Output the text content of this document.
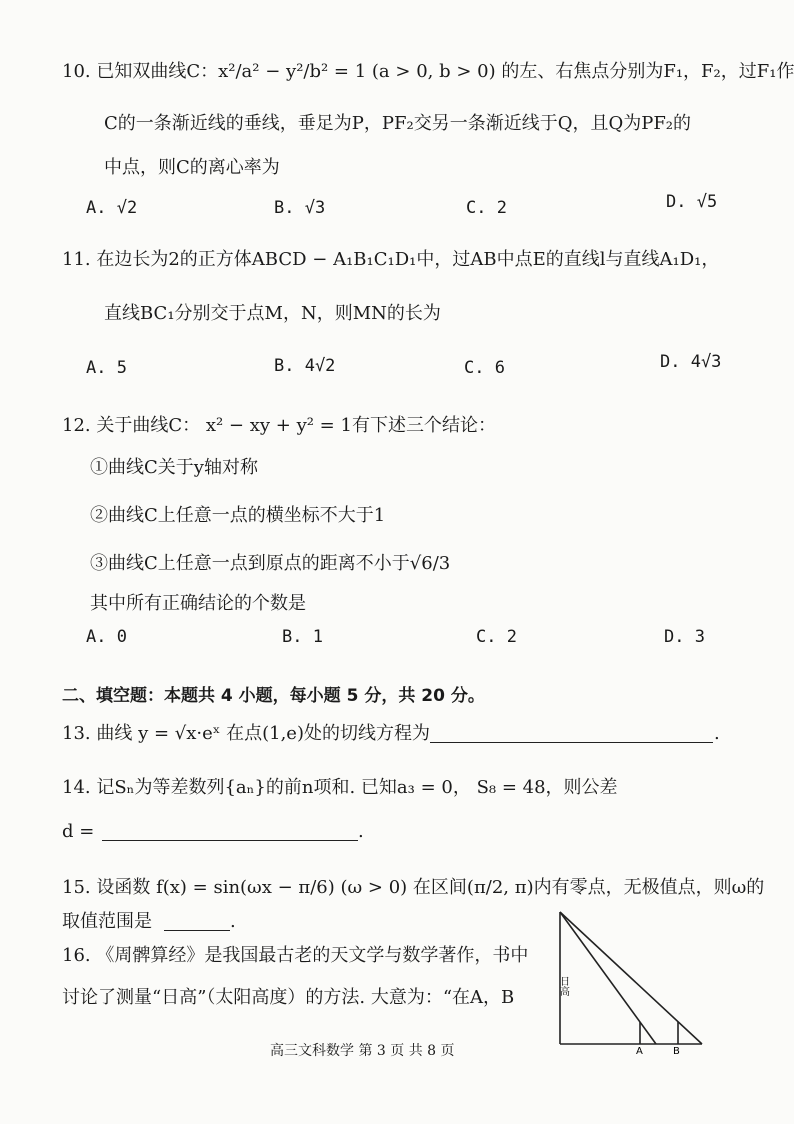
10. 已知双曲线C：x²/a² − y²/b² = 1 (a > 0, b > 0) 的左、右焦点分别为F₁，F₂，过F₁作
C的一条渐近线的垂线，垂足为P，PF₂交另一条渐近线于Q，且Q为PF₂的
中点，则C的离心率为
A. √2	B. √3	C. 2	D. √5
11. 在边长为2的正方体ABCD − A₁B₁C₁D₁中，过AB中点E的直线l与直线A₁D₁，
直线BC₁分别交于点M，N，则MN的长为
A. 5	B. 4√2	C. 6	D. 4√3
12. 关于曲线C： x² − xy + y² = 1有下述三个结论：
①曲线C关于y轴对称
②曲线C上任意一点的横坐标不大于1
③曲线C上任意一点到原点的距离不小于√6/3
其中所有正确结论的个数是
A. 0	B. 1	C. 2	D. 3
二、填空题：本题共 4 小题，每小题 5 分，共 20 分。
13. 曲线 y = √x·eˣ 在点(1,e)处的切线方程为	.
14. 记Sₙ为等差数列{aₙ}的前n项和. 已知a₃ = 0， S₈ = 48，则公差
d =	.
15. 设函数 f(x) = sin(ωx − π/6) (ω > 0) 在区间(π/2, π)内有零点，无极值点，则ω的
取值范围是	.
16. 《周髀算经》是我国最古老的天文学与数学著作，书中
讨论了测量“日高”（太阳高度）的方法. 大意为：“在A，B
日高
A	B
高三文科数学 第 3 页 共 8 页
